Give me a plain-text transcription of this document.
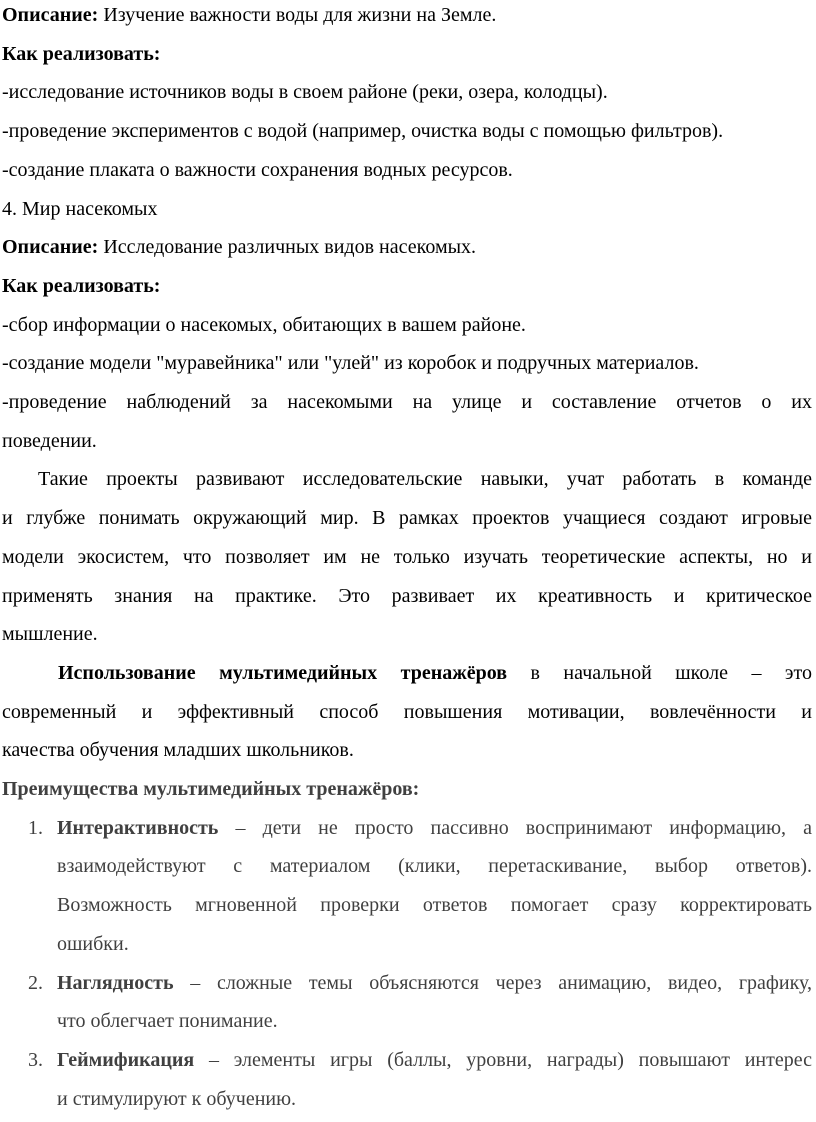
Описание: Изучение важности воды для жизни на Земле.
Как реализовать:
-исследование источников воды в своем районе (реки, озера, колодцы).
-проведение экспериментов с водой (например, очистка воды с помощью фильтров).
-создание плаката о важности сохранения водных ресурсов.
4. Мир насекомых
Описание: Исследование различных видов насекомых.
Как реализовать:
-сбор информации о насекомых, обитающих в вашем районе.
-создание модели "муравейника" или "улей" из коробок и подручных материалов.
-проведение наблюдений за насекомыми на улице и составление отчетов о их
поведении.
Такие проекты развивают исследовательские навыки, учат работать в команде
и глубже понимать окружающий мир. В рамках проектов учащиеся создают игровые
модели экосистем, что позволяет им не только изучать теоретические аспекты, но и
применять знания на практике. Это развивает их креативность и критическое
мышление.
Использование мультимедийных тренажёров в начальной школе – это
современный и эффективный способ повышения мотивации, вовлечённости и
качества обучения младших школьников.
Преимущества мультимедийных тренажёров:
1. Интерактивность – дети не просто пассивно воспринимают информацию, а
взаимодействуют с материалом (клики, перетаскивание, выбор ответов).
Возможность мгновенной проверки ответов помогает сразу корректировать
ошибки.
2. Наглядность – сложные темы объясняются через анимацию, видео, графику,
что облегчает понимание.
3. Геймификация – элементы игры (баллы, уровни, награды) повышают интерес
и стимулируют к обучению.
